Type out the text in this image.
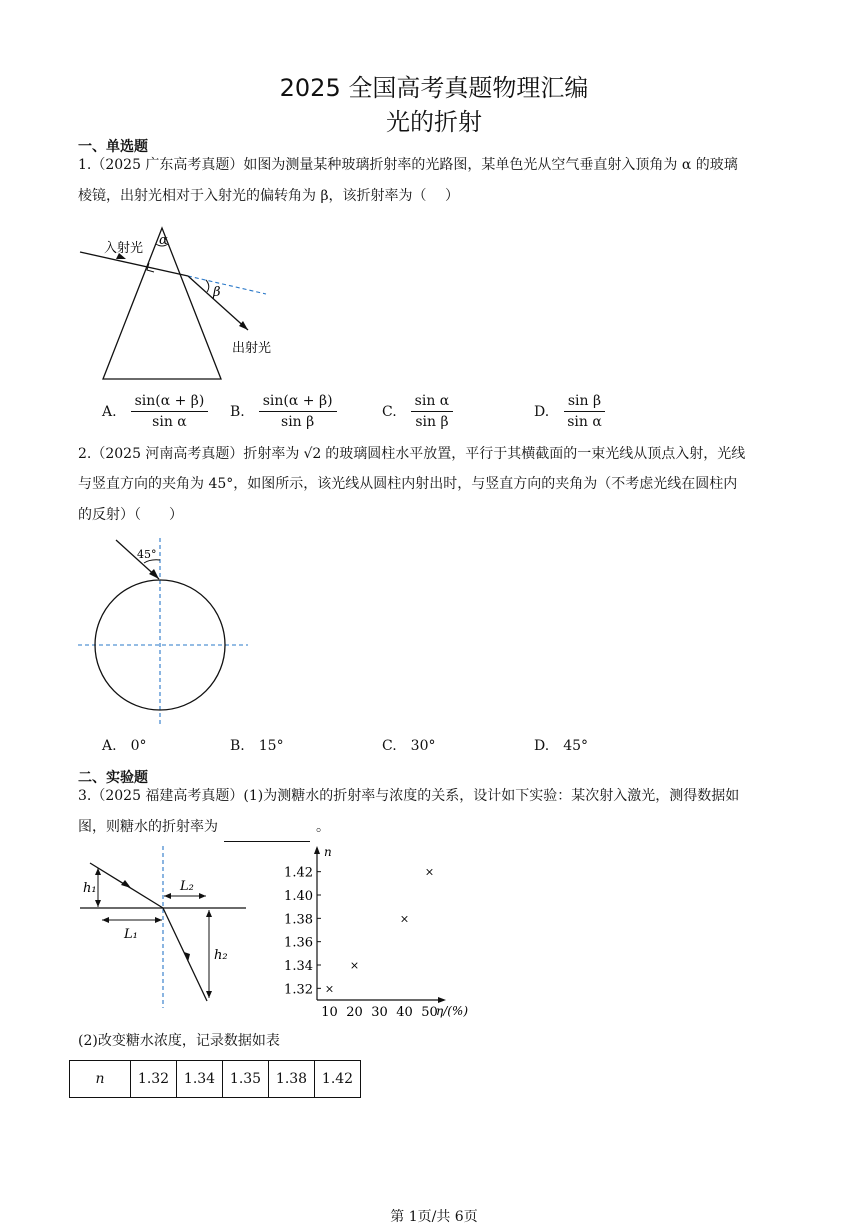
2025 全国高考真题物理汇编
光的折射
一、单选题
1.（2025 广东高考真题）如图为测量某种玻璃折射率的光路图，某单色光从空气垂直射入顶角为 α 的玻璃
棱镜，出射光相对于入射光的偏转角为 β，该折射率为（　 ）
入射光
α
β
出射光
A. $\frac{\sin(\alpha + \beta)}{\text{sin α}} B$. $\frac{\sin(\alpha + \beta)}{\text{sin β}}$	C. $\frac{\text{sin α}}{\text{sin β}}$	D. $\frac{\text{sin β}}{\text{sin α}}$
2.（2025 河南高考真题）折射率为 √2 的玻璃圆柱水平放置，平行于其横截面的一束光线从顶点入射，光线
与竖直方向的夹角为 45°，如图所示，该光线从圆柱内射出时，与竖直方向的夹角为（不考虑光线在圆柱内
的反射）（　　）
45°
A. 0°	B. 15°	C. 30°	D. 45°
二、实验题
3.（2025 福建高考真题）(1)为测糖水的折射率与浓度的关系，设计如下实验：某次射入激光，测得数据如
图，则糖水的折射率为	。
h₁
L₁
L₂
h₂
n
η/(%)
1.32
1.34
1.36
1.38
1.40
1.42
10 20 30 40 50
×
×
×
×
(2)改变糖水浓度，记录数据如表
n	1.32	1.34	1.35	1.38	1.42
第 1页/共 6页
